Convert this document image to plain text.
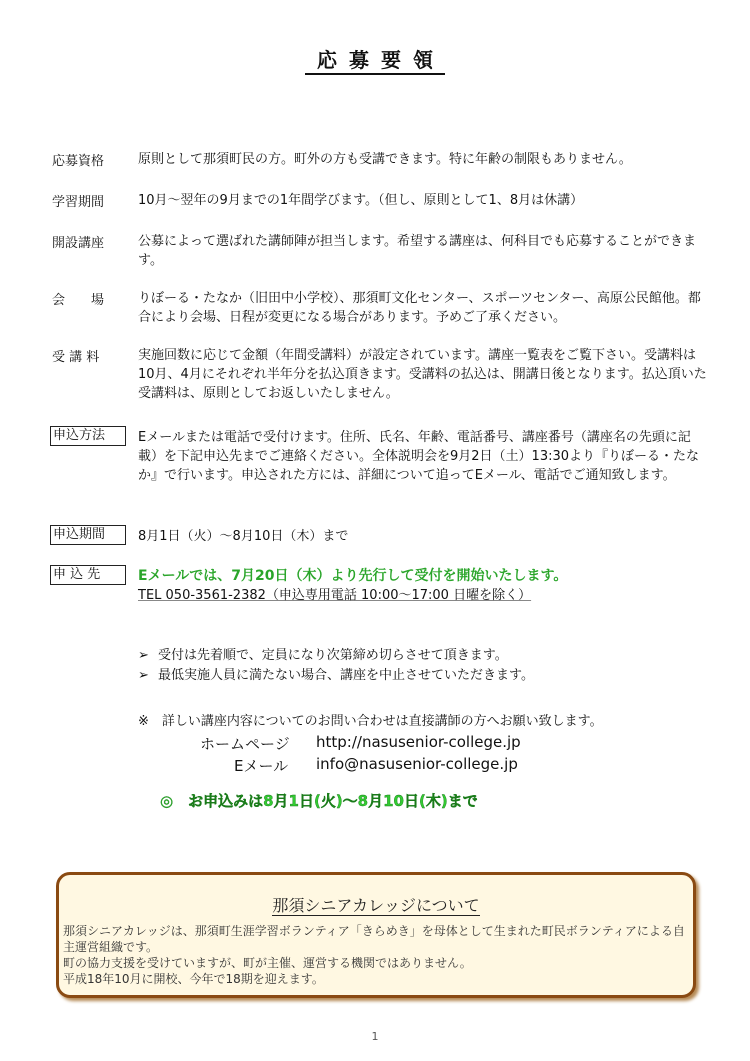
応募要領
応募資格	原則として那須町民の方。町外の方も受講できます。特に年齢の制限もありません。
学習期間	10月～翌年の9月までの1年間学びます。（但し、原則として1、8月は休講）
開設講座	公募によって選ばれた講師陣が担当します。希望する講座は、何科目でも応募することができます。
会　　場	りぼーる・たなか（旧田中小学校）、那須町文化センター、スポーツセンター、高原公民館他。都合により会場、日程が変更になる場合があります。予めご了承ください。
受 講 料	実施回数に応じて金額（年間受講料）が設定されています。講座一覧表をご覧下さい。受講料は10月、4月にそれぞれ半年分を払込頂きます。受講料の払込は、開講日後となります。払込頂いた受講料は、原則としてお返しいたしません。
申込方法	Eメールまたは電話で受付けます。住所、氏名、年齢、電話番号、講座番号（講座名の先頭に記載）を下記申込先までご連絡ください。全体説明会を9月2日（土）13:30より『りぼーる・たなか』で行います。申込された方には、詳細について追ってEメール、電話でご通知致します。
申込期間	8月1日（火）～8月10日（木）まで
申 込 先	Eメールでは、7月20日（木）より先行して受付を開始いたします。
TEL 050-3561-2382（申込専用電話 10:00～17:00 日曜を除く）
➢ 受付は先着順で、定員になり次第締め切らさせて頂きます。
➢ 最低実施人員に満たない場合、講座を中止させていただきます。
※　詳しい講座内容についてのお問い合わせは直接講師の方へお願い致します。
ホームページ http://nasusenior-college.jp
Eメール info@nasusenior-college.jp
◎　お申込みは8月1日(火)～8月10日(木)まで
那須シニアカレッジについて
那須シニアカレッジは、那須町生涯学習ボランティア「きらめき」を母体として生まれた町民ボランティアによる自主運営組織です。
町の協力支援を受けていますが、町が主催、運営する機関ではありません。
平成18年10月に開校、今年で18期を迎えます。
1
